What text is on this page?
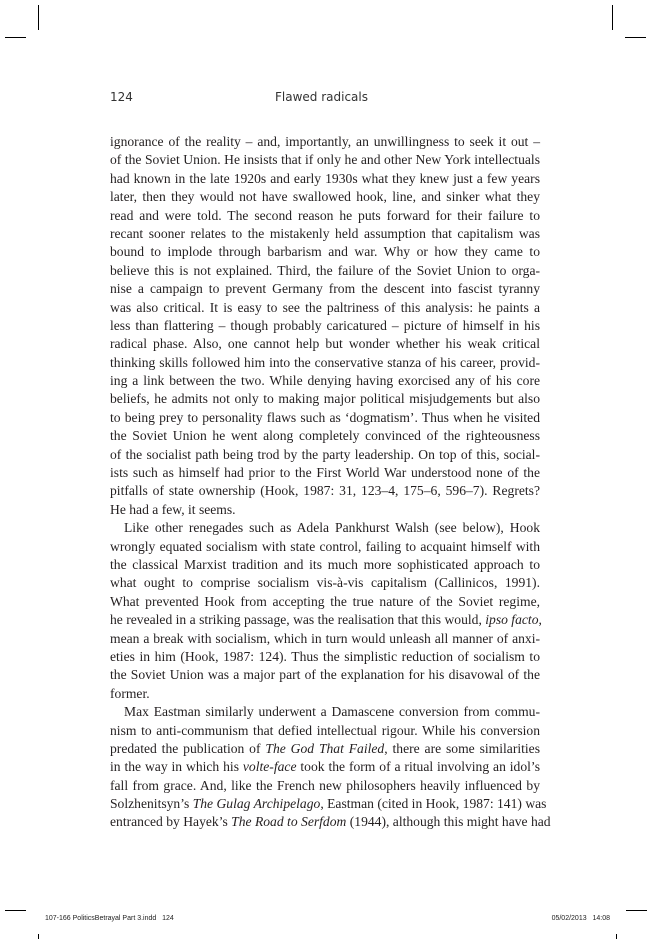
124	Flawed radicals
ignorance of the reality – and, importantly, an unwillingness to seek it out –
of the Soviet Union. He insists that if only he and other New York intellectuals
had known in the late 1920s and early 1930s what they knew just a few years
later, then they would not have swallowed hook, line, and sinker what they
read and were told. The second reason he puts forward for their failure to
recant sooner relates to the mistakenly held assumption that capitalism was
bound to implode through barbarism and war. Why or how they came to
believe this is not explained. Third, the failure of the Soviet Union to orga-
nise a campaign to prevent Germany from the descent into fascist tyranny
was also critical. It is easy to see the paltriness of this analysis: he paints a
less than flattering – though probably caricatured – picture of himself in his
radical phase. Also, one cannot help but wonder whether his weak critical
thinking skills followed him into the conservative stanza of his career, provid-
ing a link between the two. While denying having exorcised any of his core
beliefs, he admits not only to making major political misjudgements but also
to being prey to personality flaws such as ‘dogmatism’. Thus when he visited
the Soviet Union he went along completely convinced of the righteousness
of the socialist path being trod by the party leadership. On top of this, social-
ists such as himself had prior to the First World War understood none of the
pitfalls of state ownership (Hook, 1987: 31, 123–4, 175–6, 596–7). Regrets?
He had a few, it seems.
Like other renegades such as Adela Pankhurst Walsh (see below), Hook
wrongly equated socialism with state control, failing to acquaint himself with
the classical Marxist tradition and its much more sophisticated approach to
what ought to comprise socialism vis-à-vis capitalism (Callinicos, 1991).
What prevented Hook from accepting the true nature of the Soviet regime,
he revealed in a striking passage, was the realisation that this would, ipso facto,
mean a break with socialism, which in turn would unleash all manner of anxi-
eties in him (Hook, 1987: 124). Thus the simplistic reduction of socialism to
the Soviet Union was a major part of the explanation for his disavowal of the
former.
Max Eastman similarly underwent a Damascene conversion from commu-
nism to anti-communism that defied intellectual rigour. While his conversion
predated the publication of The God That Failed, there are some similarities
in the way in which his volte-face took the form of a ritual involving an idol’s
fall from grace. And, like the French new philosophers heavily influenced by
Solzhenitsyn’s The Gulag Archipelago, Eastman (cited in Hook, 1987: 141) was
entranced by Hayek’s The Road to Serfdom (1944), although this might have had
107-166 PoliticsBetrayal Part 3.indd   124	05/02/2013 14:08
